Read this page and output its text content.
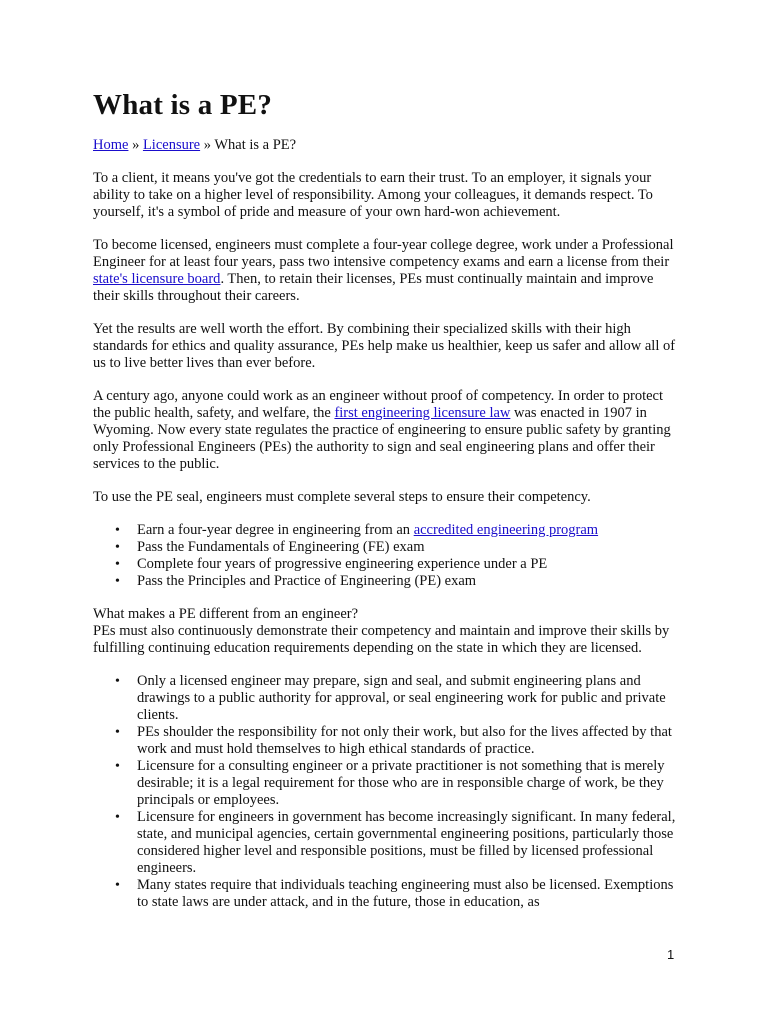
What is a PE?

Home » Licensure » What is a PE?

To a client, it means you've got the credentials to earn their trust. To an employer, it signals your ability to take on a higher level of responsibility. Among your colleagues, it demands respect. To yourself, it's a symbol of pride and measure of your own hard-won achievement.

To become licensed, engineers must complete a four-year college degree, work under a Professional Engineer for at least four years, pass two intensive competency exams and earn a license from their state's licensure board. Then, to retain their licenses, PEs must continually maintain and improve their skills throughout their careers.

Yet the results are well worth the effort. By combining their specialized skills with their high standards for ethics and quality assurance, PEs help make us healthier, keep us safer and allow all of us to live better lives than ever before.

A century ago, anyone could work as an engineer without proof of competency. In order to protect the public health, safety, and welfare, the first engineering licensure law was enacted in 1907 in Wyoming. Now every state regulates the practice of engineering to ensure public safety by granting only Professional Engineers (PEs) the authority to sign and seal engineering plans and offer their services to the public.

To use the PE seal, engineers must complete several steps to ensure their competency.

• Earn a four-year degree in engineering from an accredited engineering program
• Pass the Fundamentals of Engineering (FE) exam
• Complete four years of progressive engineering experience under a PE
• Pass the Principles and Practice of Engineering (PE) exam

What makes a PE different from an engineer?

PEs must also continuously demonstrate their competency and maintain and improve their skills by fulfilling continuing education requirements depending on the state in which they are licensed.

• Only a licensed engineer may prepare, sign and seal, and submit engineering plans and drawings to a public authority for approval, or seal engineering work for public and private clients.
• PEs shoulder the responsibility for not only their work, but also for the lives affected by that work and must hold themselves to high ethical standards of practice.
• Licensure for a consulting engineer or a private practitioner is not something that is merely desirable; it is a legal requirement for those who are in responsible charge of work, be they principals or employees.
• Licensure for engineers in government has become increasingly significant. In many federal, state, and municipal agencies, certain governmental engineering positions, particularly those considered higher level and responsible positions, must be filled by licensed professional engineers.
• Many states require that individuals teaching engineering must also be licensed. Exemptions to state laws are under attack, and in the future, those in education, as
1
